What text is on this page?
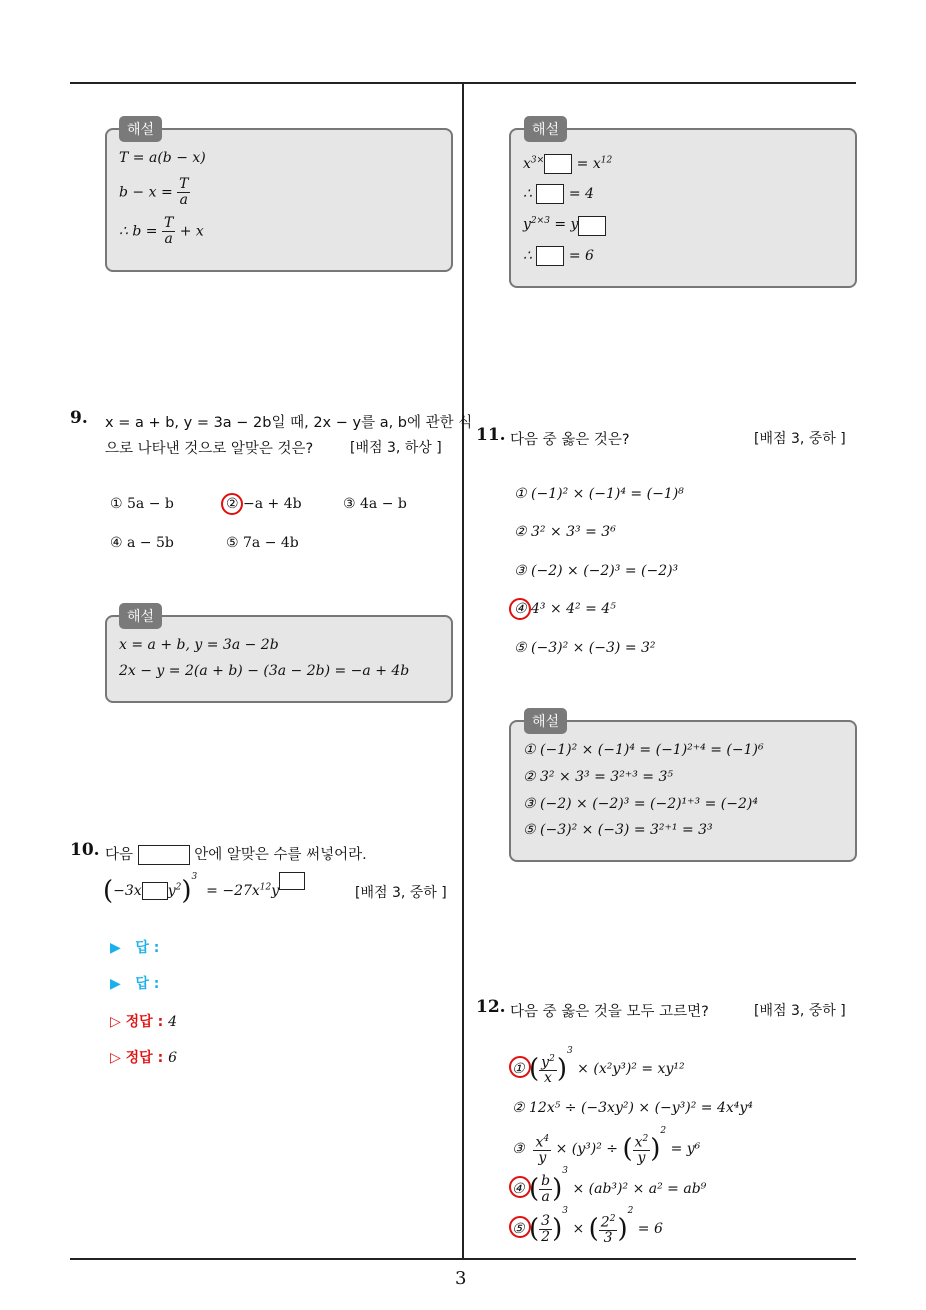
3
T = a(b − x)
$b - x = \frac{T}{a}$
∴ $b = \frac{T}{a} + x$
해설
$x^{3\times} = x^{12}$
∴	= 4
$y^{2\times 3} = y$
∴	= 6
해설
9. x = a + b, y = 3a − 2b일 때, 2x − y를 a, b에 관한 식
으로 나타낸 것으로 알맞은 것은?	[배점 3, 하상 ]
① 5a − b	② −a + 4b	③ 4a − b
④ a − 5b	⑤ 7a − 4b
x = a + b, y = 3a − 2b
2x − y = 2(a + b) − (3a − 2b) = −a + 4b
해설
10. 다음	안에 알맞은 수를 써넣어라.
(−3x $y^2)^3 = -27x^{12}y$	[배점 3, 중하 ]
▶ 답 :
▶ 답 :
▷ 정답 : 4
▷ 정답 : 6
11. 다음 중 옳은 것은?	[배점 3, 중하 ]
① (−1)² × (−1)⁴ = (−1)⁸
② 3² × 3³ = 3⁶
③ (−2) × (−2)³ = (−2)³
④ 4³ × 4² = 4⁵
⑤ (−3)² × (−3) = 3²
① (−1)² × (−1)⁴ = (−1)²⁺⁴ = (−1)⁶
② 3² × 3³ = 3²⁺³ = 3⁵
③ (−2) × (−2)³ = (−2)¹⁺³ = (−2)⁴
⑤ (−3)² × (−3) = 3²⁺¹ = 3³
해설
12. 다음 중 옳은 것을 모두 고르면?	[배점 3, 중하 ]
① ( $\frac{y^2}{x} )^3 \times (x^2y^3)^2 = xy^{12}$
② 12x⁵ ÷ (−3xy²) × (−y³)² = 4x⁴y⁴
③ $\frac{x^4}{y} \times (y^3)^2$ ÷ ( $\frac{x^2}{y} )^2 = y^6$
④ ( $\frac{b}{a} )^3 \times (ab^3)^2 \times a^2 = ab^9$
⑤ ( $\frac{3}{2} )^3$ × ( $\frac{2^2}{3} )^2 = 6$
